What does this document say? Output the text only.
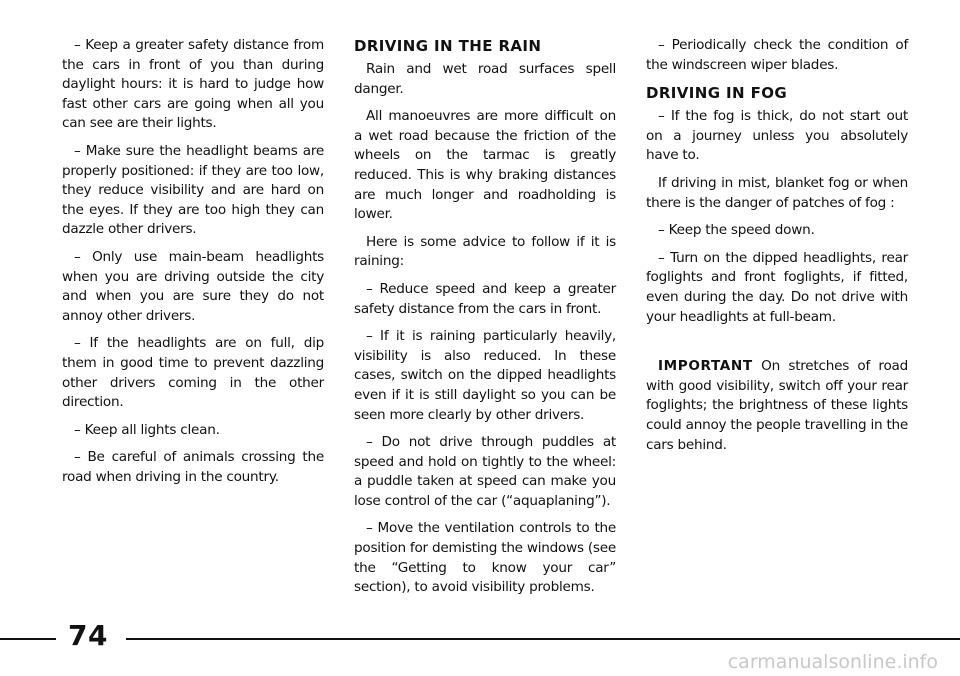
– Keep a greater safety distance from the cars in front of you than during daylight hours: it is hard to judge how fast other cars are going when all you can see are their lights.

– Make sure the headlight beams are properly positioned: if they are too low, they reduce visibility and are hard on the eyes. If they are too high they can dazzle other drivers.

– Only use main-beam headlights when you are driving outside the city and when you are sure they do not annoy other drivers.

– If the headlights are on full, dip them in good time to prevent dazzling other drivers coming in the other direction.

– Keep all lights clean.

– Be careful of animals crossing the road when driving in the country.

DRIVING IN THE RAIN

Rain and wet road surfaces spell danger.

All manoeuvres are more difficult on a wet road because the friction of the wheels on the tarmac is greatly reduced. This is why braking distances are much longer and roadholding is lower.

Here is some advice to follow if it is raining:

– Reduce speed and keep a greater safety distance from the cars in front.

– If it is raining particularly heavily, visibility is also reduced. In these cases, switch on the dipped headlights even if it is still daylight so you can be seen more clearly by other drivers.

– Do not drive through puddles at speed and hold on tightly to the wheel: a puddle taken at speed can make you lose control of the car (“aquaplaning”).

– Move the ventilation controls to the position for demisting the windows (see the “Getting to know your car” section), to avoid visibility problems.

– Periodically check the condition of the windscreen wiper blades.

DRIVING IN FOG

– If the fog is thick, do not start out on a journey unless you absolutely have to.

If driving in mist, blanket fog or when there is the danger of patches of fog :

– Keep the speed down.

– Turn on the dipped headlights, rear foglights and front foglights, if fitted, even during the day. Do not drive with your headlights at full-beam.

IMPORTANT On stretches of road with good visibility, switch off your rear foglights; the brightness of these lights could annoy the people travelling in the cars behind.

74
carmanualsonline.info
